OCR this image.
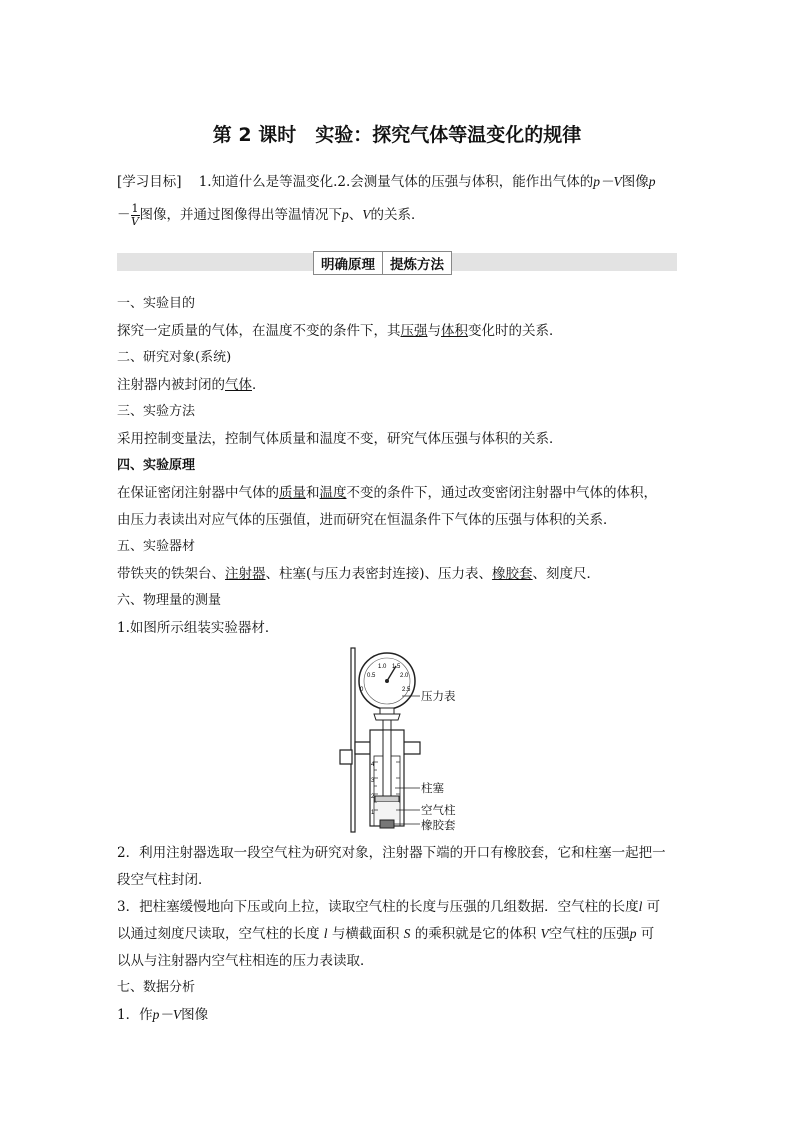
第 2 课时　实验：探究气体等温变化的规律
[学习目标] 1.知道什么是等温变化.2.会测量气体的压强与体积，能作出气体的p－V图像p
－ $\frac{1}{V}$ 图像，并通过图像得出等温情况下p、V的关系．
明确原理	提炼方法
一、实验目的
探究一定质量的气体，在温度不变的条件下，其压强与体积变化时的关系．
二、研究对象(系统)
注射器内被封闭的气体．
三、实验方法
采用控制变量法，控制气体质量和温度不变，研究气体压强与体积的关系．
四、实验原理
在保证密闭注射器中气体的质量和温度不变的条件下，通过改变密闭注射器中气体的体积，
由压力表读出对应气体的压强值，进而研究在恒温条件下气体的压强与体积的关系．
五、实验器材
带铁夹的铁架台、注射器、柱塞(与压力表密封连接)、压力表、橡胶套、刻度尺．
六、物理量的测量
1.如图所示组装实验器材．
0
0.5
1.0 1.5
2.0
2.5
4
3
2
1
压力表
柱塞
空气柱
橡胶套
2．利用注射器选取一段空气柱为研究对象，注射器下端的开口有橡胶套，它和柱塞一起把一
段空气柱封闭．
3．把柱塞缓慢地向下压或向上拉，读取空气柱的长度与压强的几组数据．空气柱的长度l 可
以通过刻度尺读取，空气柱的长度 l 与横截面积 S 的乘积就是它的体积 V空气柱的压强p 可
以从与注射器内空气柱相连的压力表读取．
七、数据分析
1．作p－V图像
